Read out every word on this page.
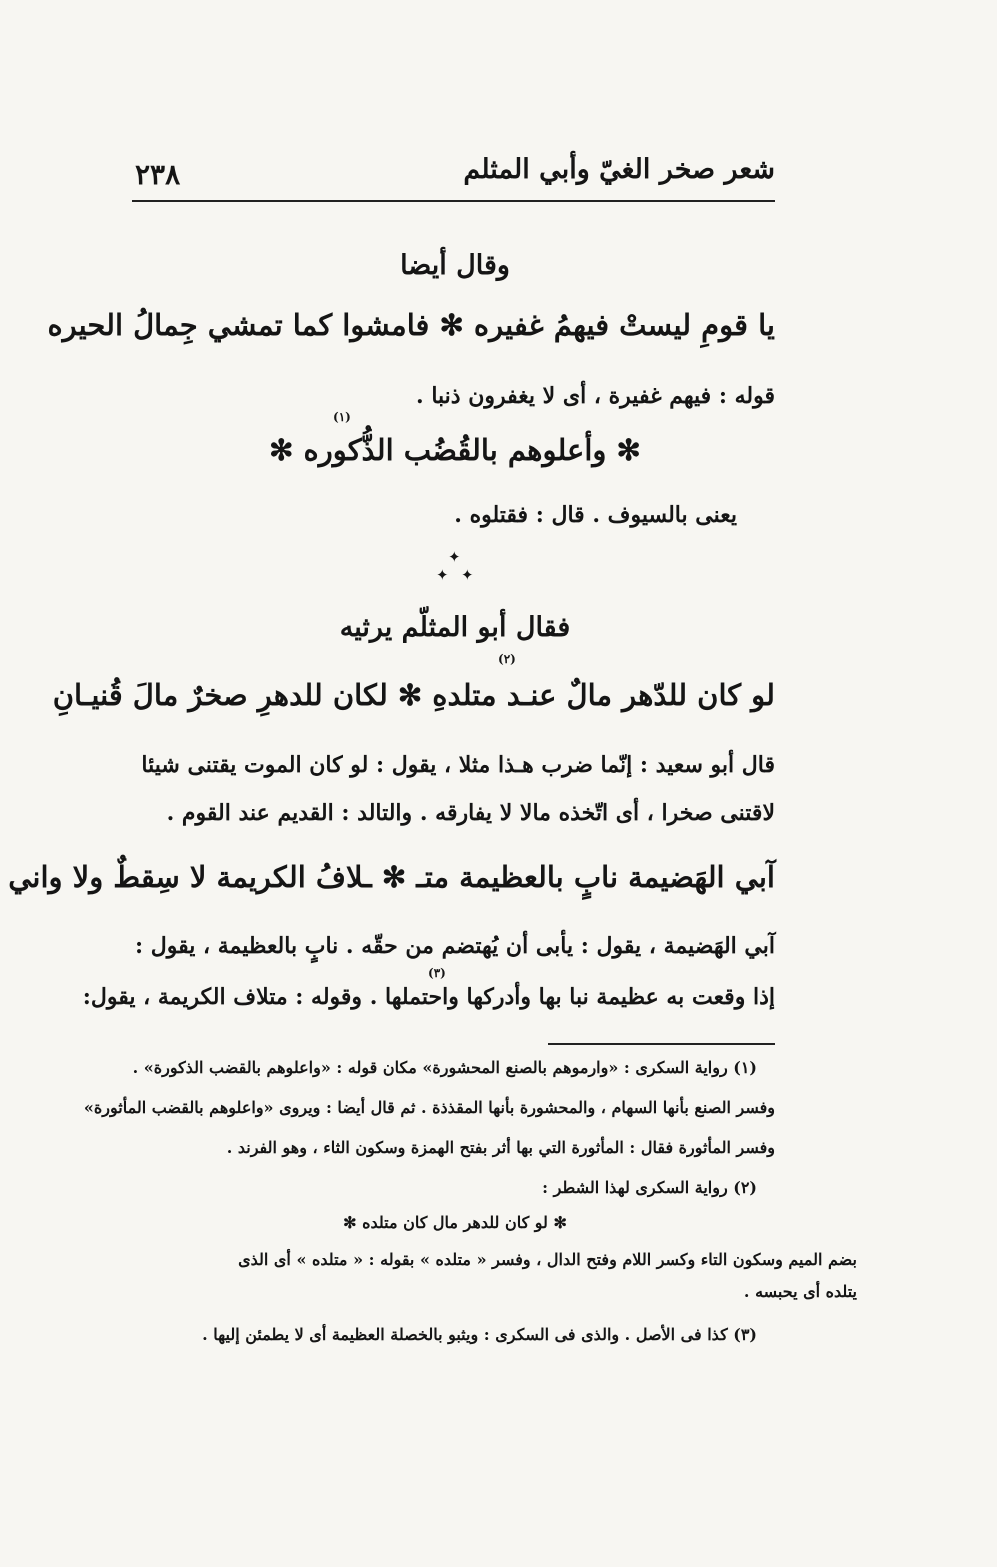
٢٣٨	شعر صخر الغيّ وأبي المثلم
وقال أيضا
يا قومِ ليستْ فيهمُ غفيره ✻ فامشوا كما تمشي جِمالُ الحيره
قوله : فيهم غفيرة ، أى لا يغفرون ذنبا .
(١)
✻ وأعلوهم بالقُضُب الذُّكوره ✻
يعنى بالسيوف . قال : فقتلوه .
✦
✦ ✦
فقال أبو المثلّم يرثيه
(٢)
لو كان للدّهر مالٌ عنـد متلدهِ ✻ لكان للدهرِ صخرٌ مالَ قُنيـانِ
قال أبو سعيد : إنّما ضرب هـذا مثلا ، يقول : لو كان الموت يقتنى شيئا
لاقتنى صخرا ، أى اتّخذه مالا لا يفارقه . والتالد : القديم عند القوم .
آبي الهَضيمة نابٍ بالعظيمة متـ ✻ ـلافُ الكريمة لا سِقطٌ ولا واني
آبي الهَضيمة ، يقول : يأبى أن يُهتضم من حقّه . نابٍ بالعظيمة ، يقول :
(٣)
إذا وقعت به عظيمة نبا بها وأدركها واحتملها . وقوله : متلاف الكريمة ، يقول:
(١) رواية السكرى : «وارموهم بالصنع المحشورة» مكان قوله : «واعلوهم بالقضب الذكورة» .
وفسر الصنع بأنها السهام ، والمحشورة بأنها المقذذة . ثم قال أيضا : ويروى «واعلوهم بالقضب المأثورة»
وفسر المأثورة فقال : المأثورة التي بها أثر بفتح الهمزة وسكون الثاء ، وهو الفرند .
(٢) رواية السكرى لهذا الشطر :
✻ لو كان للدهر مال كان متلده ✻
بضم الميم وسكون التاء وكسر اللام وفتح الدال ، وفسر « متلده » بقوله : « متلده » أى الذى
يتلده أى يحبسه .
(٣) كذا فى الأصل . والذى فى السكرى : ويثبو بالخصلة العظيمة أى لا يطمئن إليها .
